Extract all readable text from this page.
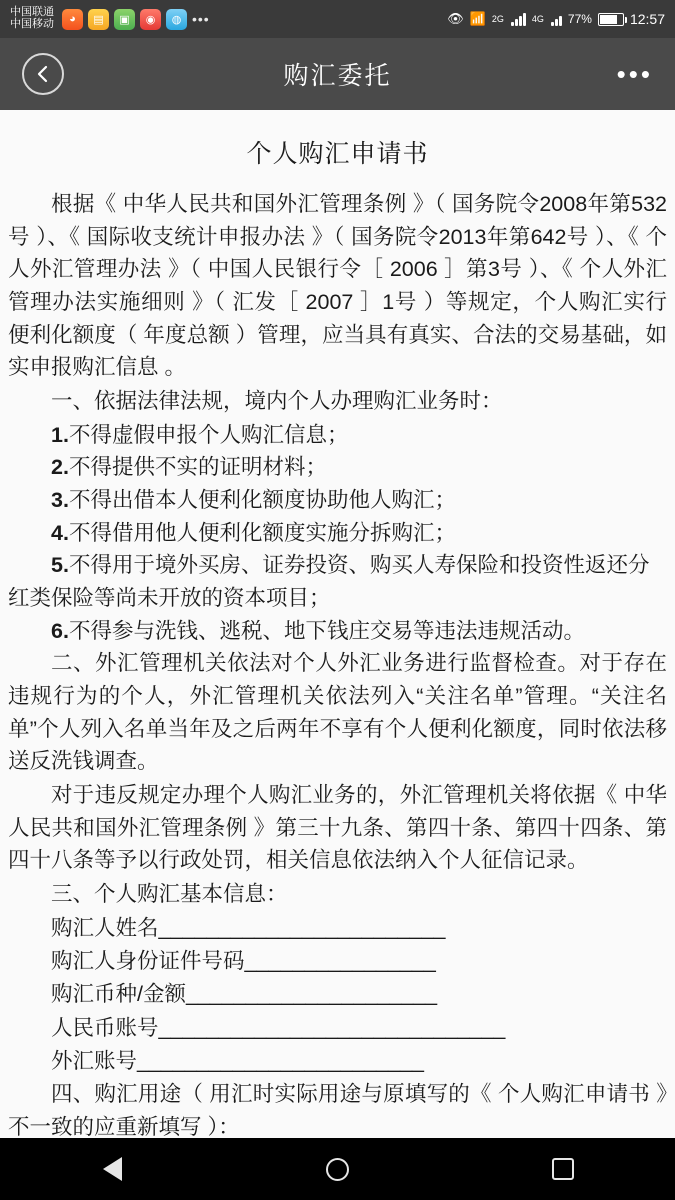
中国联通
中国移动	◕	▤	▣	◉	◍ •••	👁 📶 2G	4G 77%	12:57
购汇委托	•••
个人购汇申请书

根据《 中华人民共和国外汇管理条例 》（ 国务院令2008年第532号 ）、《 国际收支统计申报办法 》（ 国务院令2013年第642号 ）、《 个人外汇管理办法 》（ 中国人民银行令［ 2006 ］第3号 ）、《 个人外汇管理办法实施细则 》（ 汇发［ 2007 ］1号 ）等规定，个人购汇实行便利化额度（ 年度总额 ）管理，应当具有真实、合法的交易基础，如实申报购汇信息 。

一、依据法律法规，境内个人办理购汇业务时：

1.不得虚假申报个人购汇信息；

2.不得提供不实的证明材料；

3.不得出借本人便利化额度协助他人购汇；

4.不得借用他人便利化额度实施分拆购汇；

5.不得用于境外买房、证券投资、购买人寿保险和投资性返还分红类保险等尚未开放的资本项目；

6.不得参与洗钱、逃税、地下钱庄交易等违法违规活动。

二、外汇管理机关依法对个人外汇业务进行监督检查。对于存在违规行为的个人，外汇管理机关依法列入“关注名单”管理。“关注名单”个人列入名单当年及之后两年不享有个人便利化额度，同时依法移送反洗钱调查。

对于违反规定办理个人购汇业务的，外汇管理机关将依据《 中华人民共和国外汇管理条例 》第三十九条、第四十条、第四十四条、第四十八条等予以行政处罚，相关信息依法纳入个人征信记录。

三、个人购汇基本信息：

购汇人姓名________________________

购汇人身份证件号码________________

购汇币种/金额_____________________

人民币账号_____________________________

外汇账号________________________

四、购汇用途（ 用汇时实际用途与原填写的《 个人购汇申请书 》不一致的应重新填写 ）：
